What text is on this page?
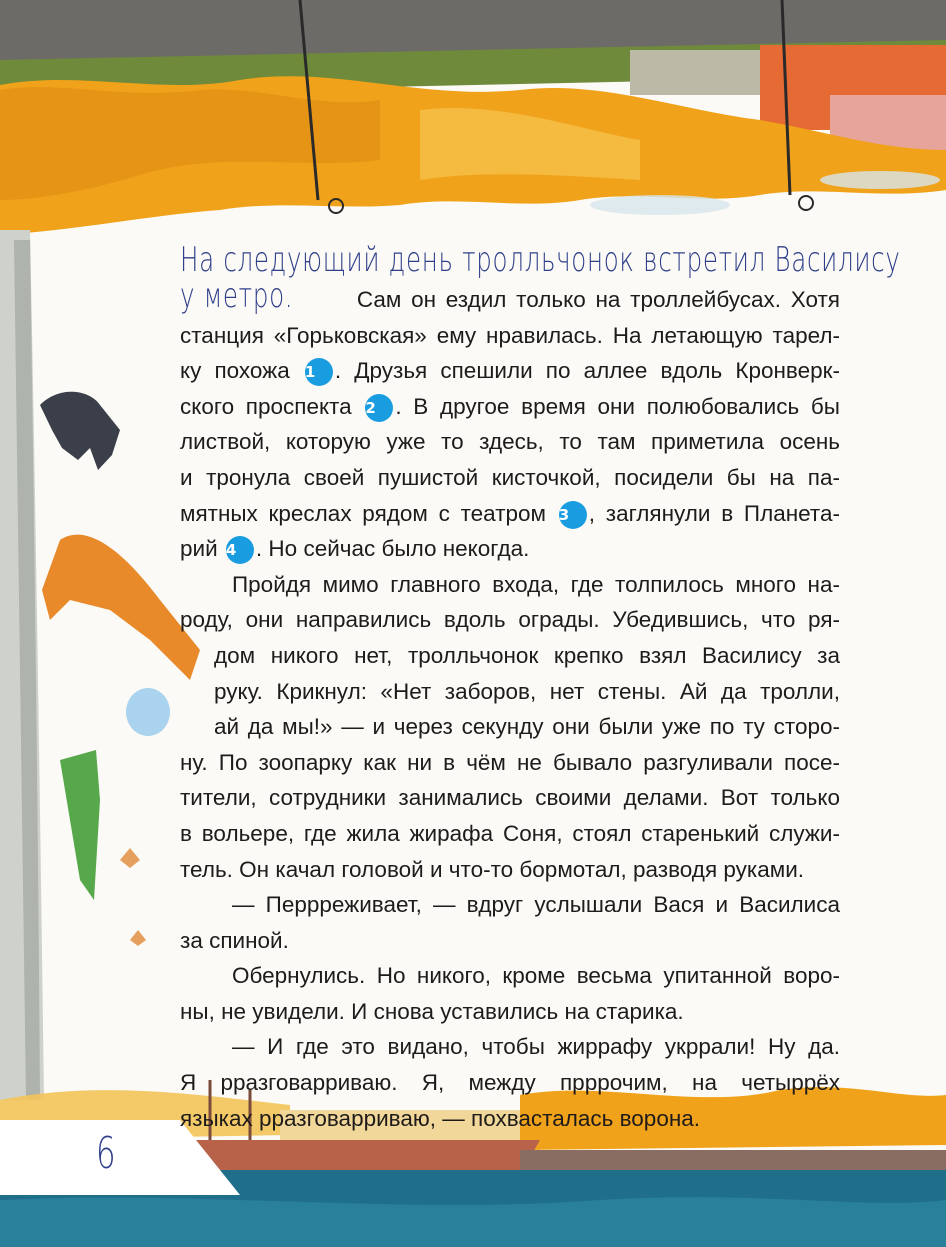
На следующий день тролльчонок встретил Василису
у метро.	Сам он ездил только на троллейбусах. Хотя
станция «Горьковская» ему нравилась. На летающую тарел-
ку похожа 1 . Друзья спешили по аллее вдоль Кронверк-
ского проспекта 2 . В другое время они полюбовались бы
листвой, которую уже то здесь, то там приметила осень
и тронула своей пушистой кисточкой, посидели бы на па-
мятных креслах рядом с театром 3 , заглянули в Планета-
рий 4 . Но сейчас было некогда.
Пройдя мимо главного входа, где толпилось много на-
роду, они направились вдоль ограды. Убедившись, что ря-
дом никого нет, тролльчонок крепко взял Василису за
руку. Крикнул: «Нет заборов, нет стены. Ай да тролли,
ай да мы!» — и через секунду они были уже по ту сторо-
ну. По зоопарку как ни в чём не бывало разгуливали посе-
тители, сотрудники занимались своими делами. Вот только
в вольере, где жила жирафа Соня, стоял старенький служи-
тель. Он качал головой и что-то бормотал, разводя руками.
— Перрреживает, — вдруг услышали Вася и Василиса
за спиной.
Обернулись. Но никого, кроме весьма упитанной воро-
ны, не увидели. И снова уставились на старика.
— И где это видано, чтобы жиррафу укррали! Ну да.
Я рразговарриваю. Я, между прррочим, на четыррёх
языках рразговарриваю, — похвасталась ворона.
6
